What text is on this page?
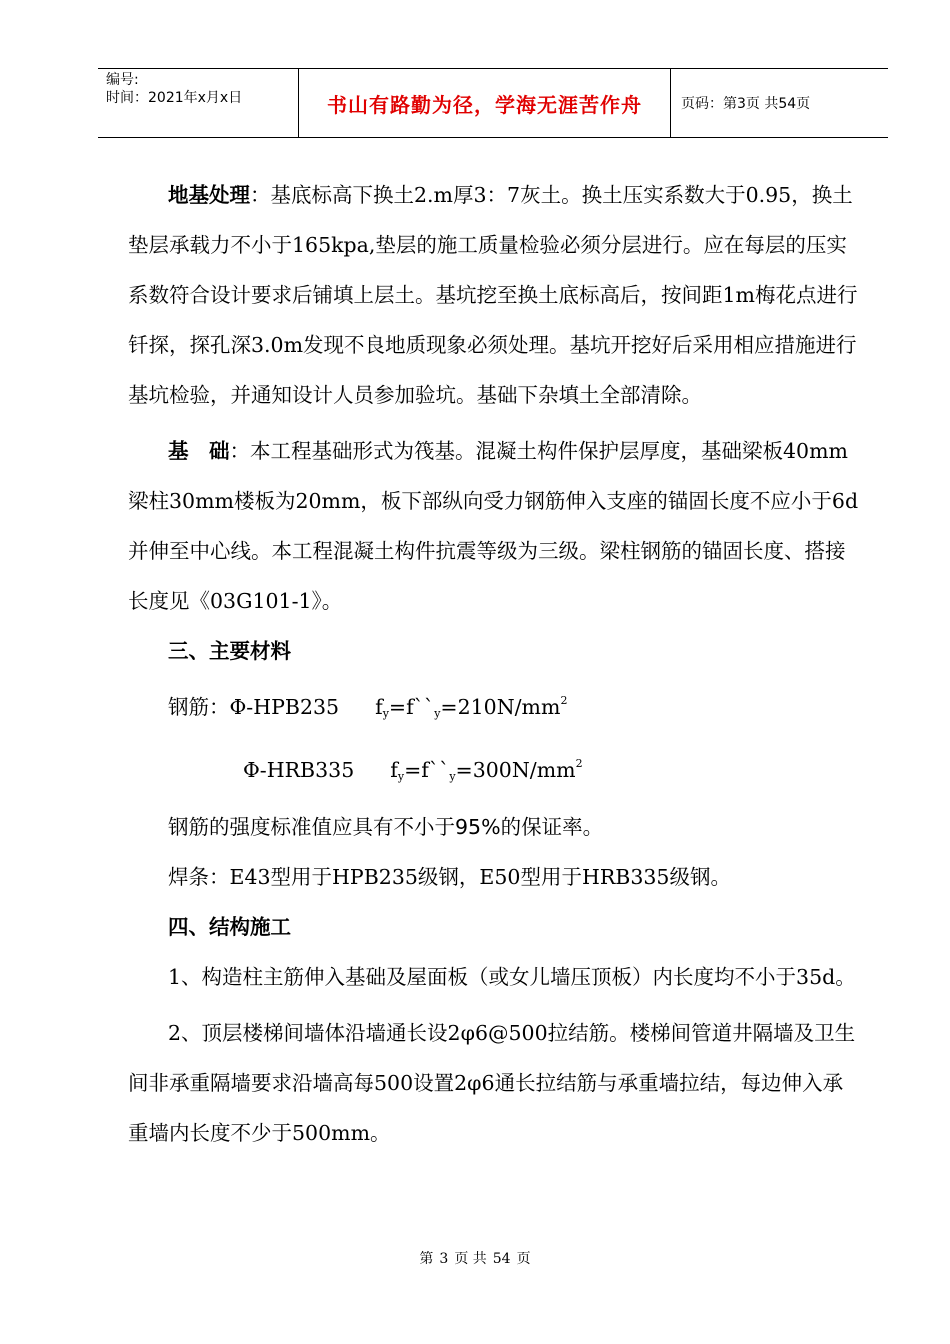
编号:
时间：2021年x月x日	书山有路勤为径，学海无涯苦作舟	页码：第3页 共54页

地基处理：基底标高下换土2.m厚3：7灰土。换土压实系数大于0.95，换土垫层承载力不小于165kpa,垫层的施工质量检验必须分层进行。应在每层的压实系数符合设计要求后铺填上层土。基坑挖至换土底标高后，按间距1m梅花点进行钎探，探孔深3.0m发现不良地质现象必须处理。基坑开挖好后采用相应措施进行基坑检验，并通知设计人员参加验坑。基础下杂填土全部清除。

基　础：本工程基础形式为筏基。混凝土构件保护层厚度，基础梁板40mm梁柱30mm楼板为20mm，板下部纵向受力钢筋伸入支座的锚固长度不应小于6d并伸至中心线。本工程混凝土构件抗震等级为三级。梁柱钢筋的锚固长度、搭接长度见《03G101-1》。

三、主要材料

钢筋：Φ-HPB235 $f_y=f``_y=210N/mm^2$

Φ-HRB335 $f_y=f``_y=300N/mm^2$

钢筋的强度标准值应具有不小于95%的保证率。

焊条：E43型用于HPB235级钢，E50型用于HRB335级钢。

四、结构施工

1、构造柱主筋伸入基础及屋面板（或女儿墙压顶板）内长度均不小于35d。

2、顶层楼梯间墙体沿墙通长设2φ6@500拉结筋。楼梯间管道井隔墙及卫生间非承重隔墙要求沿墙高每500设置2φ6通长拉结筋与承重墙拉结，每边伸入承重墙内长度不少于500mm。

第 3 页 共 54 页
